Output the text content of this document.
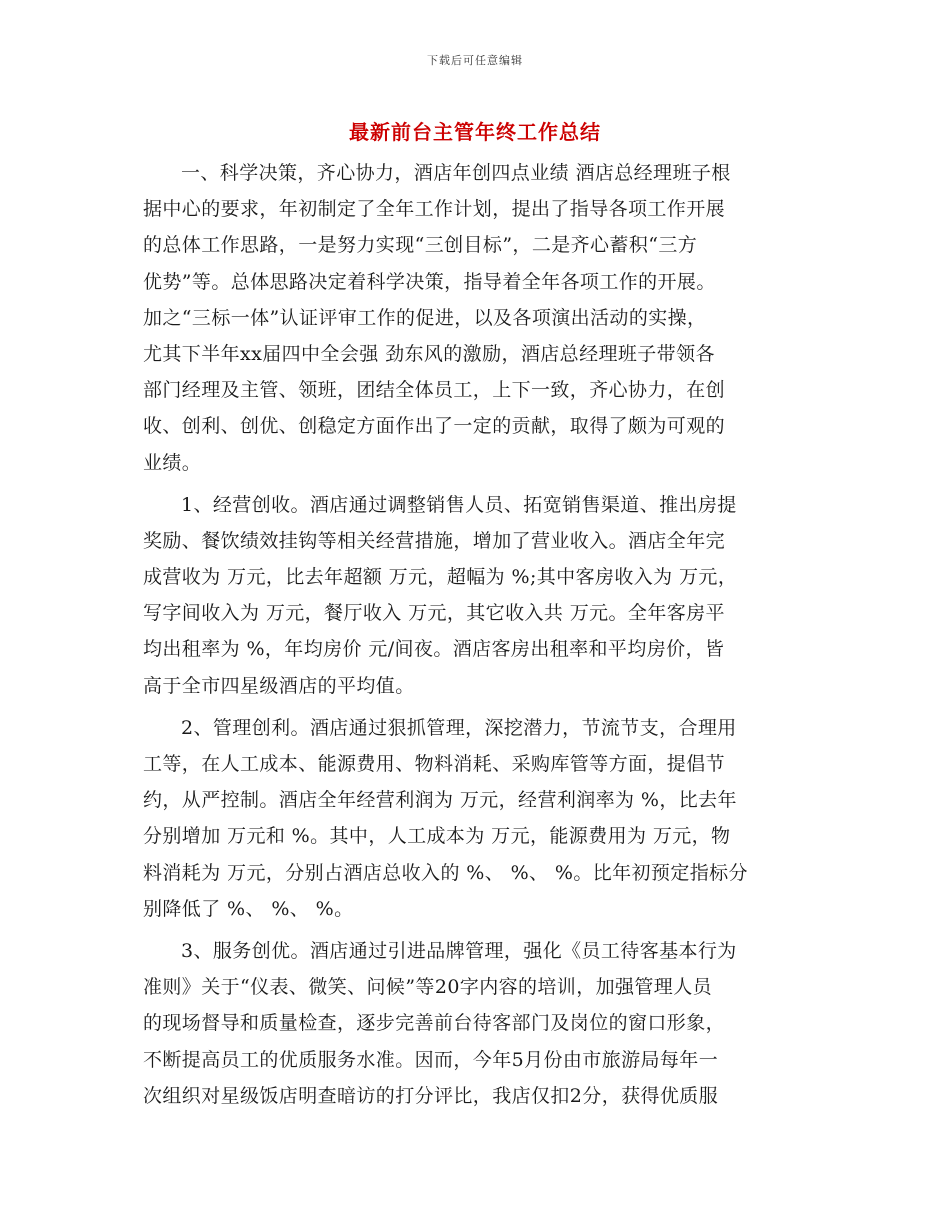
下载后可任意编辑
最新前台主管年终工作总结
一、科学决策，齐心协力，酒店年创四点业绩 酒店总经理班子根
据中心的要求，年初制定了全年工作计划，提出了指导各项工作开展
的总体工作思路，一是努力实现“三创目标”，二是齐心蓄积“三方
优势”等。总体思路决定着科学决策，指导着全年各项工作的开展。
加之“三标一体”认证评审工作的促进，以及各项演出活动的实操，
尤其下半年xx届四中全会强 劲东风的激励，酒店总经理班子带领各
部门经理及主管、领班，团结全体员工，上下一致，齐心协力，在创
收、创利、创优、创稳定方面作出了一定的贡献，取得了颇为可观的
业绩。
1、经营创收。酒店通过调整销售人员、拓宽销售渠道、推出房提
奖励、餐饮绩效挂钩等相关经营措施，增加了营业收入。酒店全年完
成营收为 万元，比去年超额 万元，超幅为 %;其中客房收入为 万元，
写字间收入为 万元，餐厅收入 万元，其它收入共 万元。全年客房平
均出租率为 %，年均房价 元/间夜。酒店客房出租率和平均房价，皆
高于全市四星级酒店的平均值。
2、管理创利。酒店通过狠抓管理，深挖潜力，节流节支，合理用
工等，在人工成本、能源费用、物料消耗、采购库管等方面，提倡节
约，从严控制。酒店全年经营利润为 万元，经营利润率为 %，比去年
分别增加 万元和 %。其中，人工成本为 万元，能源费用为 万元，物
料消耗为 万元，分别占酒店总收入的 %、 %、 %。比年初预定指标分
别降低了 %、 %、 %。
3、服务创优。酒店通过引进品牌管理，强化《员工待客基本行为
准则》关于“仪表、微笑、问候”等20字内容的培训，加强管理人员
的现场督导和质量检查，逐步完善前台待客部门及岗位的窗口形象，
不断提高员工的优质服务水准。因而，今年5月份由市旅游局每年一
次组织对星级饭店明查暗访的打分评比，我店仅扣2分，获得优质服
